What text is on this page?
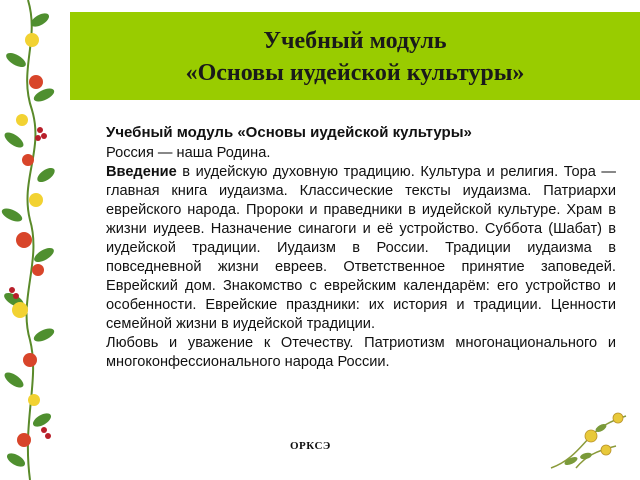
Учебный модуль
«Основы иудейской культуры»
Учебный модуль «Основы иудейской культуры»

Россия — наша Родина.

Введение в иудейскую духовную традицию. Культура и религия. Тора — главная книга иудаизма. Классические тексты иудаизма. Патриархи еврейского народа. Пророки и праведники в иудейской культуре. Храм в жизни иудеев. Назначение синагоги и её устройство. Суббота (Шабат) в иудейской традиции. Иудаизм в России. Традиции иудаизма в повседневной жизни евреев. Ответственное принятие заповедей. Еврейский дом. Знакомство с еврейским календарём: его устройство и особенности. Еврейские праздники: их история и традиции. Ценности семейной жизни в иудейской традиции.

Любовь и уважение к Отечеству. Патриотизм многонационального и многоконфессионального народа России.

ОРКСЭ
